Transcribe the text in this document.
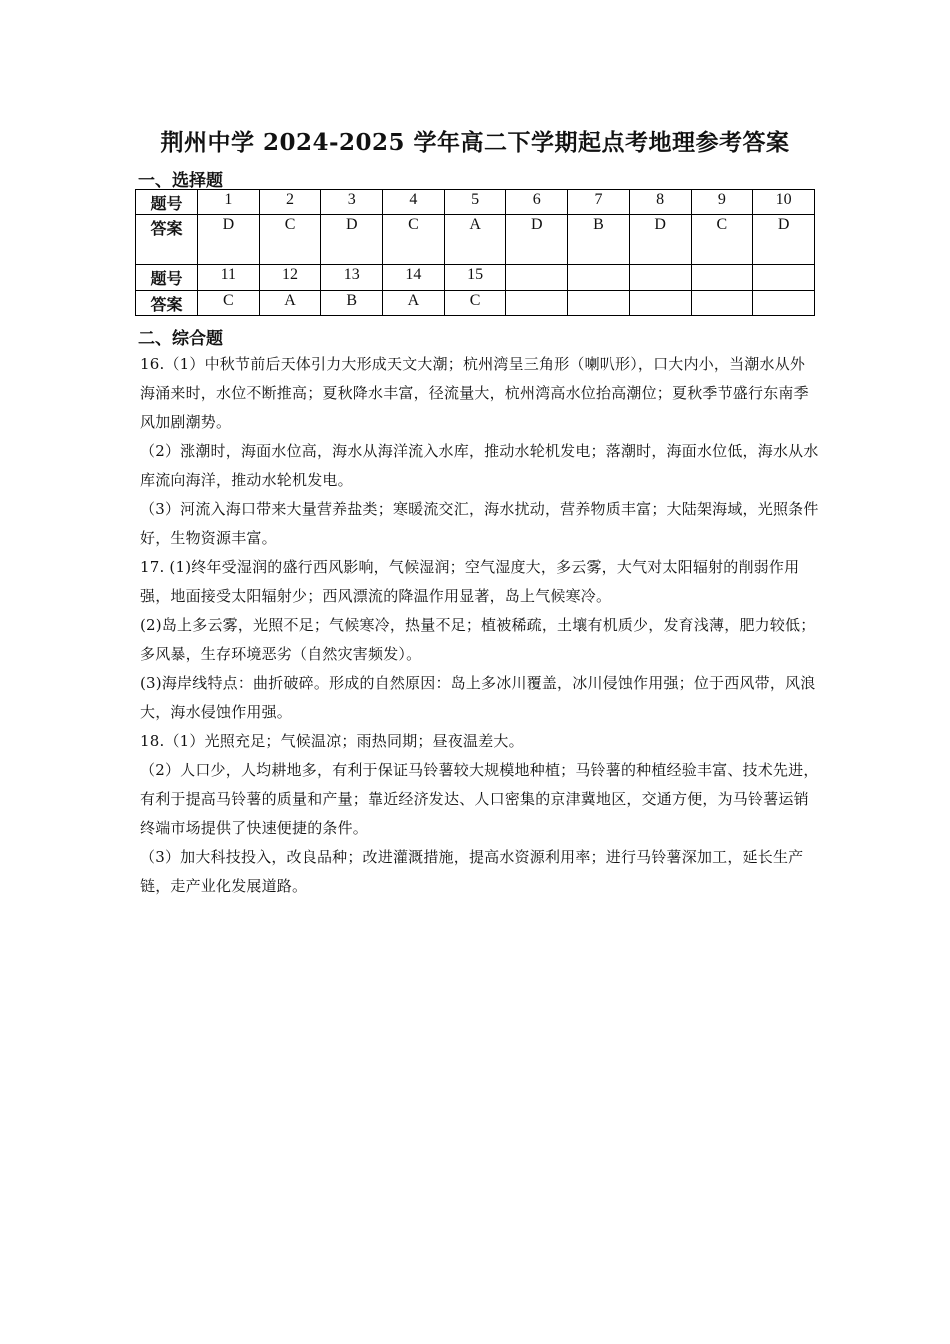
荆州中学 2024-2025 学年高二下学期起点考地理参考答案
一、选择题
题号	1	2	3	4	5	6	7	8	9	10
答案	D	C	D	C	A	D	B	D	C	D
题号	11	12	13	14	15					
答案	C	A	B	A	C					
二、综合题

16.（1）中秋节前后天体引力大形成天文大潮；杭州湾呈三角形（喇叭形），口大内小，当潮水从外海涌来时，水位不断推高；夏秋降水丰富，径流量大，杭州湾高水位抬高潮位；夏秋季节盛行东南季风加剧潮势。

（2）涨潮时，海面水位高，海水从海洋流入水库，推动水轮机发电；落潮时，海面水位低，海水从水库流向海洋，推动水轮机发电。

（3）河流入海口带来大量营养盐类；寒暖流交汇，海水扰动，营养物质丰富；大陆架海域，光照条件好，生物资源丰富。

17. (1)终年受湿润的盛行西风影响，气候湿润；空气湿度大，多云雾，大气对太阳辐射的削弱作用强，地面接受太阳辐射少；西风漂流的降温作用显著，岛上气候寒冷。

(2)岛上多云雾，光照不足；气候寒冷，热量不足；植被稀疏，土壤有机质少，发育浅薄，肥力较低；多风暴，生存环境恶劣（自然灾害频发）。

(3)海岸线特点：曲折破碎。形成的自然原因：岛上多冰川覆盖，冰川侵蚀作用强；位于西风带，风浪大，海水侵蚀作用强。

18.（1）光照充足；气候温凉；雨热同期；昼夜温差大。

（2）人口少，人均耕地多，有利于保证马铃薯较大规模地种植；马铃薯的种植经验丰富、技术先进，有利于提高马铃薯的质量和产量；靠近经济发达、人口密集的京津冀地区，交通方便，为马铃薯运销终端市场提供了快速便捷的条件。

（3）加大科技投入，改良品种；改进灌溉措施，提高水资源利用率；进行马铃薯深加工，延长生产链，走产业化发展道路。
